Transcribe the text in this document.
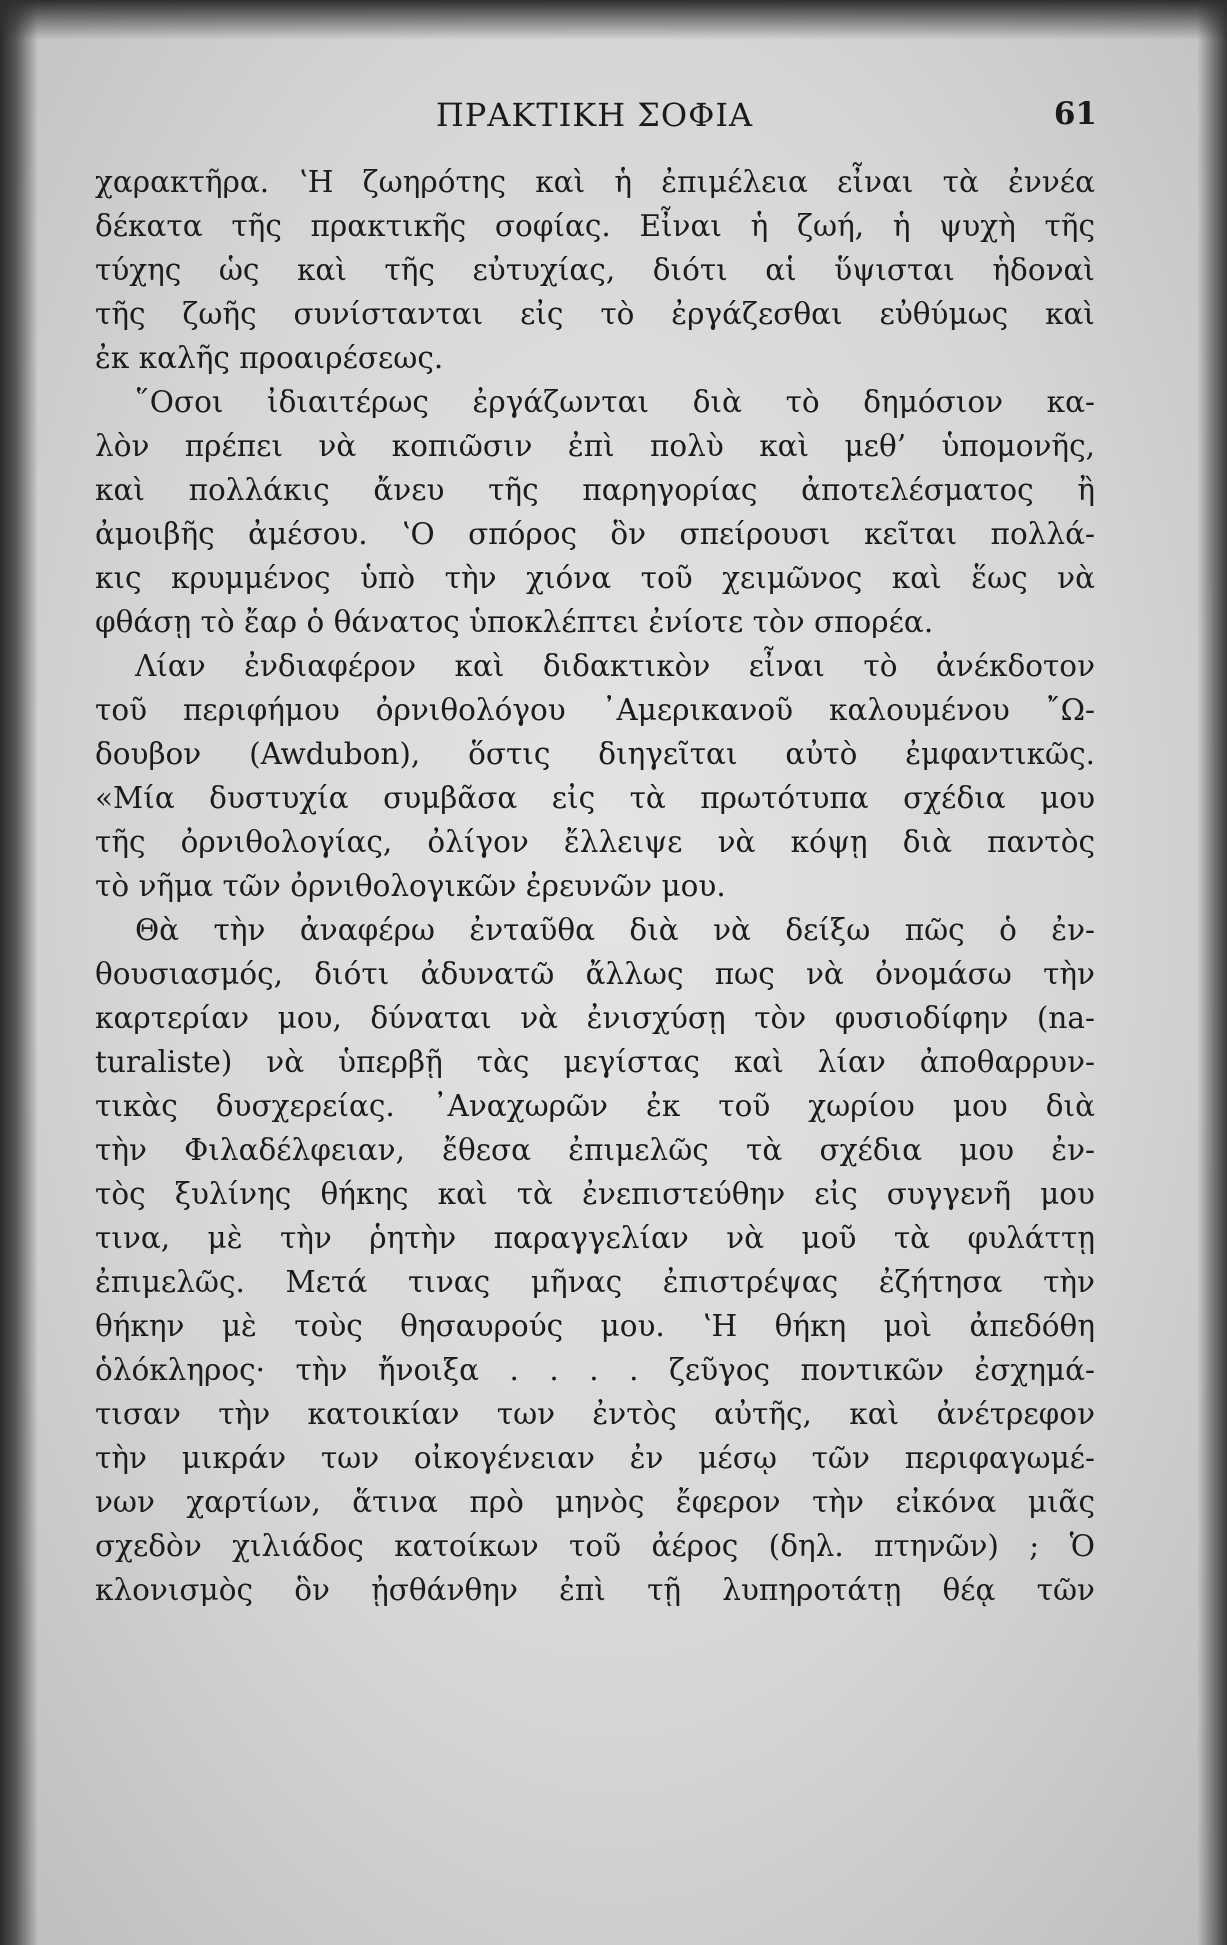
ΠΡΑΚΤΙΚΗ ΣΟΦΙΑ	61
χαρακτῆρα. ʽΗ ζωηρότης καὶ ἡ ἐπιμέλεια εἶναι τὰ ἐννέα
δέκατα τῆς πρακτικῆς σοφίας. Εἶναι ἡ ζωή, ἡ ψυχὴ τῆς
τύχης ὡς καὶ τῆς εὐτυχίας, διότι αἱ ὕψισται ἡδοναὶ
τῆς ζωῆς συνίστανται εἰς τὸ ἐργάζεσθαι εὐθύμως καὶ
ἐκ καλῆς προαιρέσεως.
῞Οσοι ἰδιαιτέρως ἐργάζωνται διὰ τὸ δημόσιον κα-
λὸν πρέπει νὰ κοπιῶσιν ἐπὶ πολὺ καὶ μεθ’ ὑπομονῆς,
καὶ πολλάκις ἄνευ τῆς παρηγορίας ἀποτελέσματος ἢ
ἀμοιβῆς ἀμέσου. ʽΟ σπόρος ὃν σπείρουσι κεῖται πολλά-
κις κρυμμένος ὑπὸ τὴν χιόνα τοῦ χειμῶνος καὶ ἕως νὰ
φθάσῃ τὸ ἔαρ ὁ θάνατος ὑποκλέπτει ἐνίοτε τὸν σπορέα.
Λίαν ἐνδιαφέρον καὶ διδακτικὸν εἶναι τὸ ἀνέκδοτον
τοῦ περιφήμου ὀρνιθολόγου ᾿Αμερικανοῦ καλουμένου ῎Ω-
δουβον (Awdubon), ὅστις διηγεῖται αὐτὸ ἐμφαντικῶς.
«Μία δυστυχία συμβᾶσα εἰς τὰ πρωτότυπα σχέδια μου
τῆς ὀρνιθολογίας, ὀλίγον ἔλλειψε νὰ κόψῃ διὰ παντὸς
τὸ νῆμα τῶν ὀρνιθολογικῶν ἐρευνῶν μου.
Θὰ τὴν ἀναφέρω ἐνταῦθα διὰ νὰ δείξω πῶς ὁ ἐν-
θουσιασμός, διότι ἀδυνατῶ ἄλλως πως νὰ ὀνομάσω τὴν
καρτερίαν μου, δύναται νὰ ἐνισχύσῃ τὸν φυσιοδίφην (na-
turaliste) νὰ ὑπερβῇ τὰς μεγίστας καὶ λίαν ἀποθαρρυν-
τικὰς δυσχερείας. ᾿Αναχωρῶν ἐκ τοῦ χωρίου μου διὰ
τὴν Φιλαδέλφειαν, ἔθεσα ἐπιμελῶς τὰ σχέδια μου ἐν-
τὸς ξυλίνης θήκης καὶ τὰ ἐνεπιστεύθην εἰς συγγενῆ μου
τινα, μὲ τὴν ῥητὴν παραγγελίαν νὰ μοῦ τὰ φυλάττῃ
ἐπιμελῶς. Μετά τινας μῆνας ἐπιστρέψας ἐζήτησα τὴν
θήκην μὲ τοὺς θησαυρούς μου. ʽΗ θήκη μοὶ ἀπεδόθη
ὁλόκληρος· τὴν ἤνοιξα . . . . ζεῦγος ποντικῶν ἐσχημά-
τισαν τὴν κατοικίαν των ἐντὸς αὐτῆς, καὶ ἀνέτρεφον
τὴν μικράν των οἰκογένειαν ἐν μέσῳ τῶν περιφαγωμέ-
νων χαρτίων, ἅτινα πρὸ μηνὸς ἔφερον τὴν εἰκόνα μιᾶς
σχεδὸν χιλιάδος κατοίκων τοῦ ἀέρος (δηλ. πτηνῶν) ; Ὁ
κλονισμὸς ὃν ᾐσθάνθην ἐπὶ τῇ λυπηροτάτῃ θέᾳ τῶν
